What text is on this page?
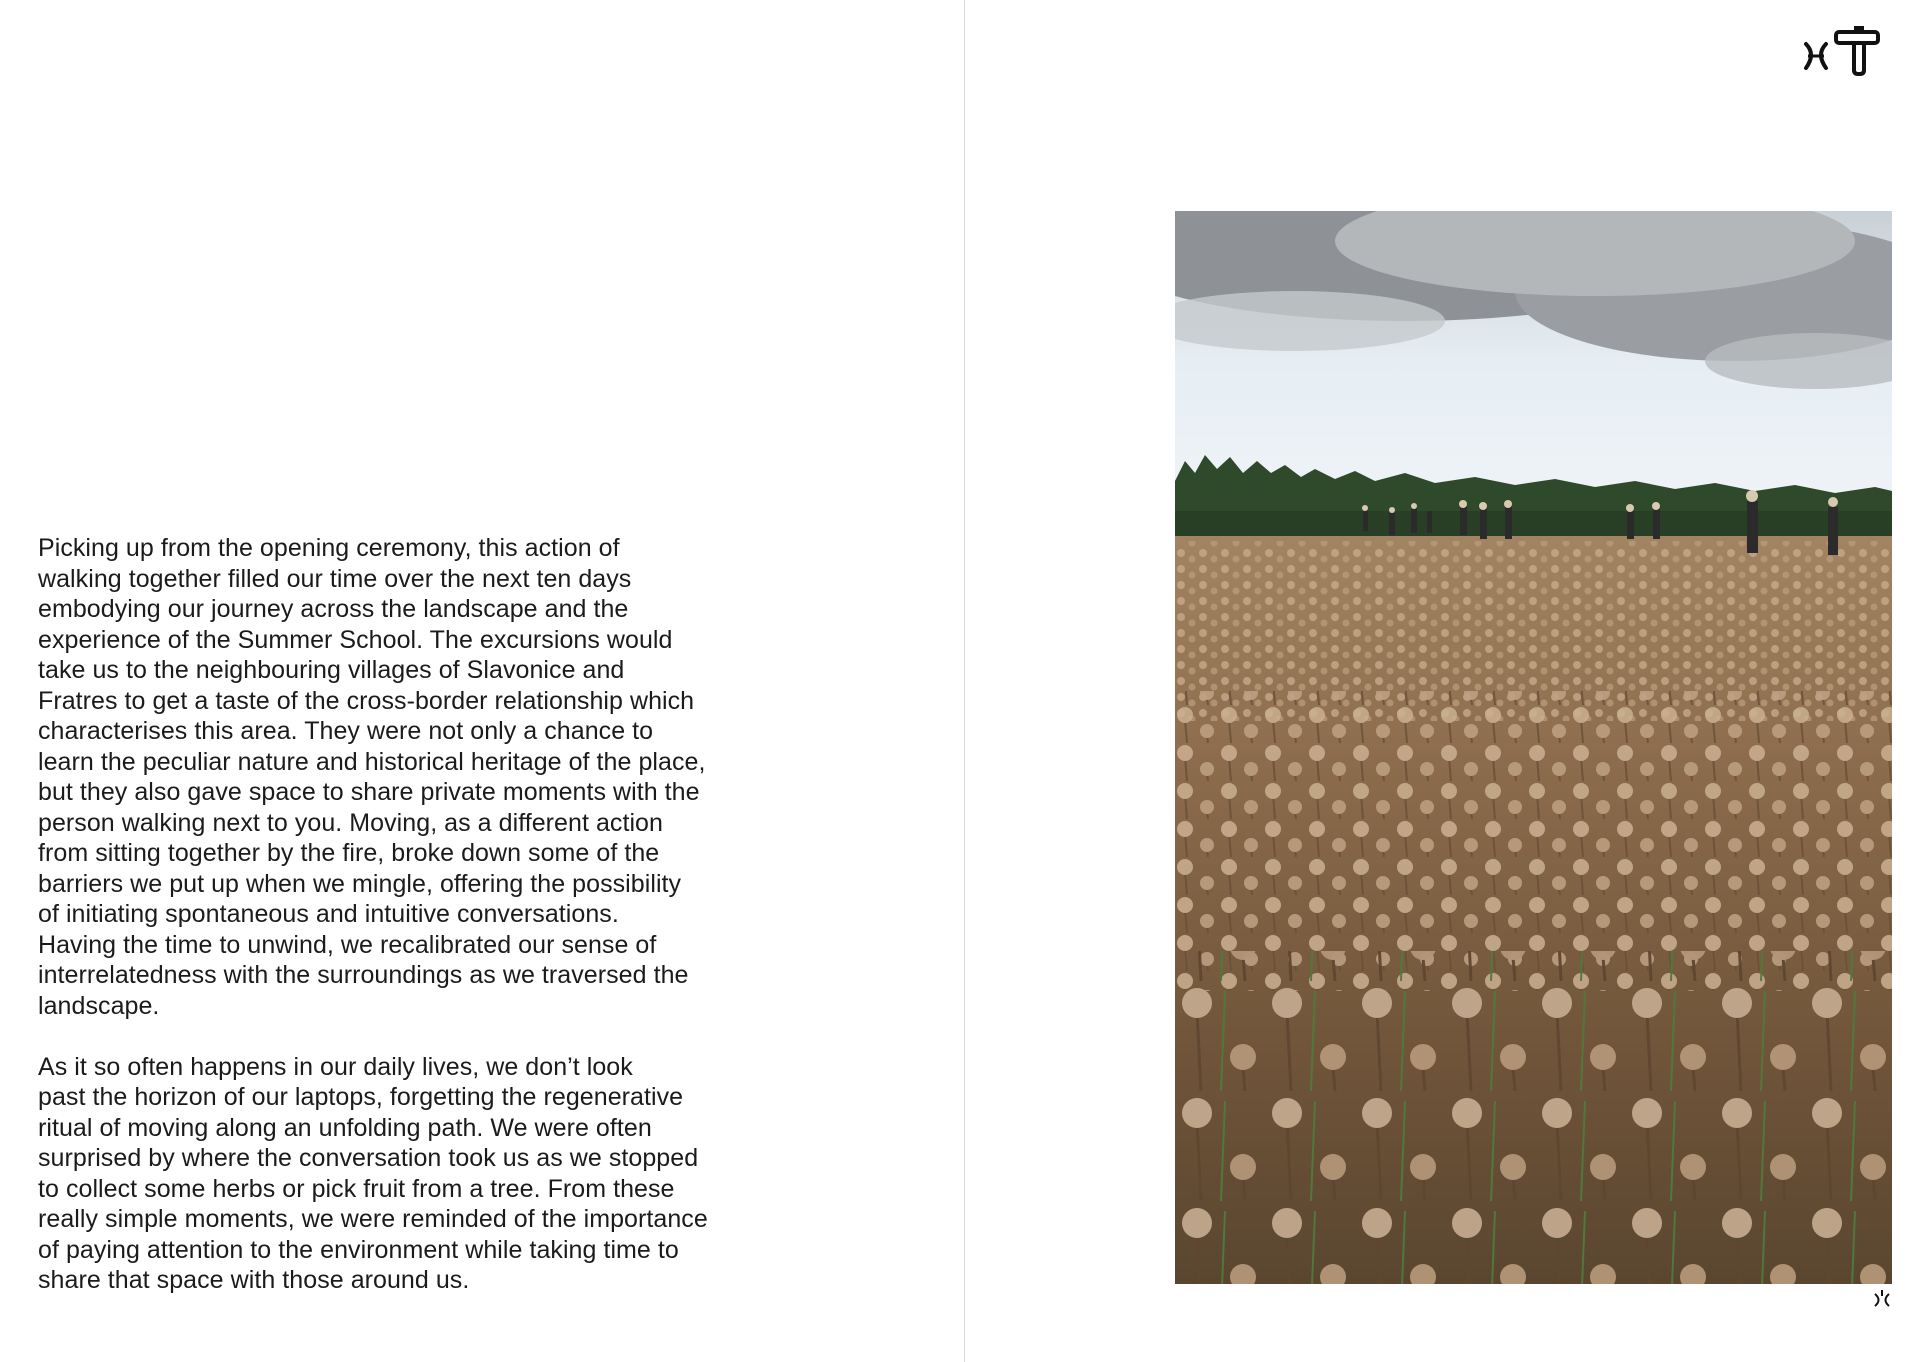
Picking up from the opening ceremony, this action of
walking together filled our time over the next ten days
embodying our journey across the landscape and the
experience of the Summer School. The excursions would
take us to the neighbouring villages of Slavonice and
Fratres to get a taste of the cross-border relationship which
characterises this area. They were not only a chance to
learn the peculiar nature and historical heritage of the place,
but they also gave space to share private moments with the
person walking next to you. Moving, as a different action
from sitting together by the fire, broke down some of the
barriers we put up when we mingle, offering the possibility
of initiating spontaneous and intuitive conversations.
Having the time to unwind, we recalibrated our sense of
interrelatedness with the surroundings as we traversed the
landscape.

As it so often happens in our daily lives, we don’t look
past the horizon of our laptops, forgetting the regenerative
ritual of moving along an unfolding path. We were often
surprised by where the conversation took us as we stopped
to collect some herbs or pick fruit from a tree. From these
really simple moments, we were reminded of the importance
of paying attention to the environment while taking time to
share that space with those around us.
